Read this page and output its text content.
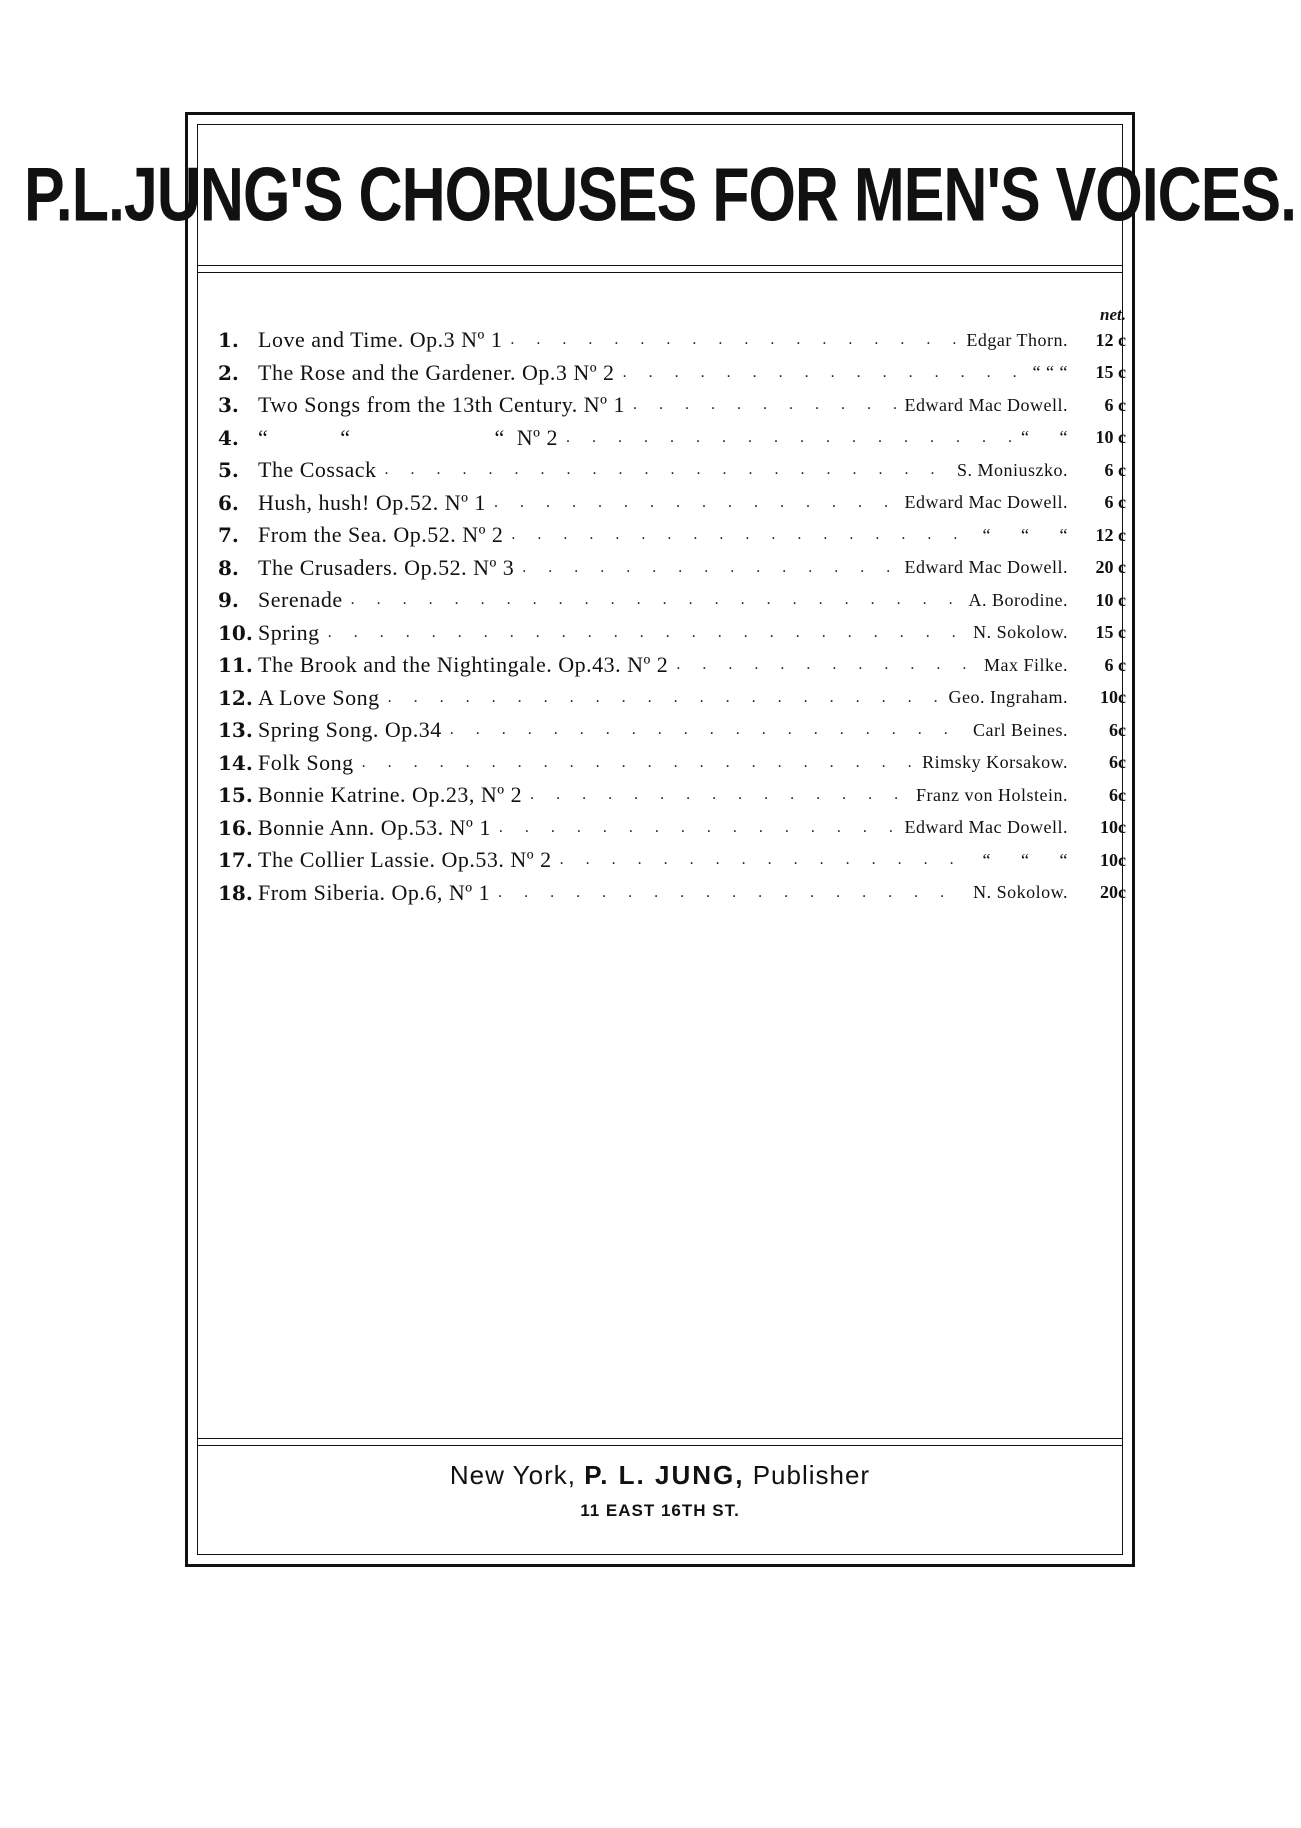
P.L.JUNG'S CHORUSES FOR MEN'S VOICES.
net.
1. Love and Time. Op.3 Nº 1 . . .	Edgar Thorn.	12 c
2. The Rose and the Gardener. Op.3 Nº 2 . . .	“ “ “	15 c
3. Two Songs from the 13th Century. Nº 1 . . .	Edward Mac Dowell.	6 c
4. “            “                        “  Nº 2 . . .	“      “	10 c
5. The Cossack . . .	S. Moniuszko.	6 c
6. Hush, hush! Op.52. Nº 1 . . .	Edward Mac Dowell.	6 c
7. From the Sea. Op.52. Nº 2 . . .	“      “      “	12 c
8. The Crusaders. Op.52. Nº 3 . . .	Edward Mac Dowell.	20 c
9. Serenade . . .	A. Borodine.	10 c
10. Spring . . .	N. Sokolow.	15 c
11. The Brook and the Nightingale. Op.43. Nº 2 . . .	Max Filke.	6 c
12. A Love Song . . .	Geo. Ingraham.	10c
13. Spring Song. Op.34 . . .	Carl Beines.	6c
14. Folk Song . . .	Rimsky Korsakow.	6c
15. Bonnie Katrine. Op.23, Nº 2 . . .	Franz von Holstein.	6c
16. Bonnie Ann. Op.53. Nº 1 . . .	Edward Mac Dowell.	10c
17. The Collier Lassie. Op.53. Nº 2 . . .	“      “      “	10c
18. From Siberia. Op.6, Nº 1 . . .	N. Sokolow.	20c
New York, P. L. JUNG, Publisher
11 EAST 16TH ST.
